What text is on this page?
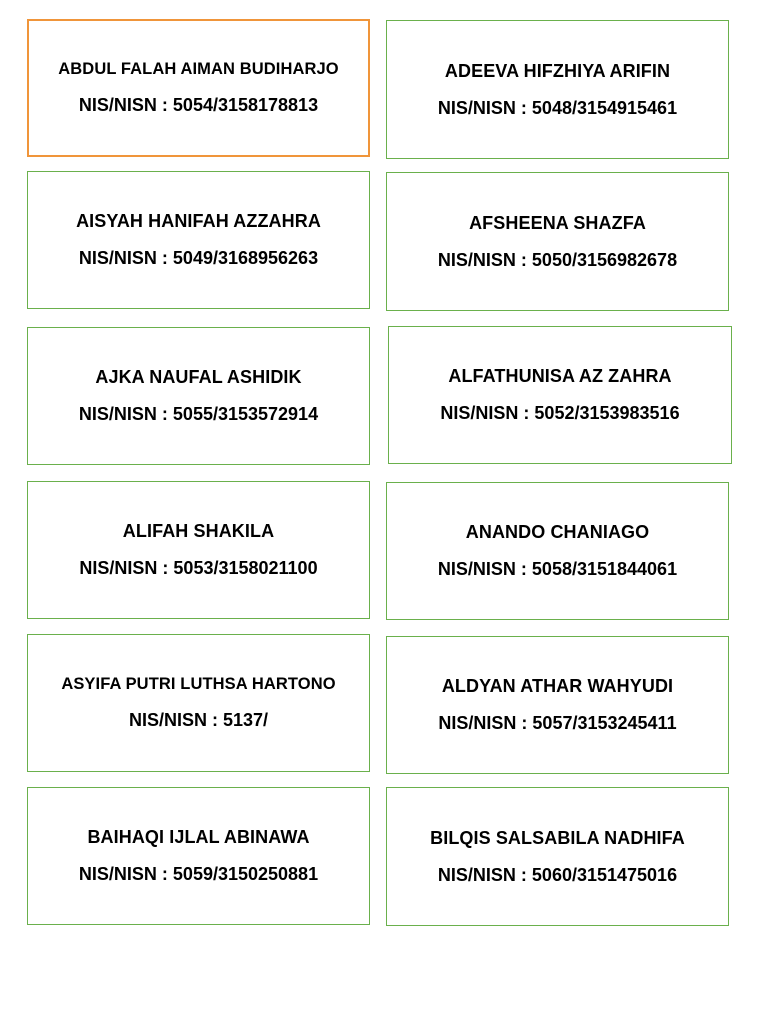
ABDUL FALAH AIMAN BUDIHARJO
NIS/NISN : 5054/3158178813
ADEEVA HIFZHIYA ARIFIN
NIS/NISN : 5048/3154915461
AISYAH HANIFAH AZZAHRA
NIS/NISN : 5049/3168956263
AFSHEENA SHAZFA
NIS/NISN : 5050/3156982678
AJKA NAUFAL ASHIDIK
NIS/NISN : 5055/3153572914
ALFATHUNISA AZ ZAHRA
NIS/NISN : 5052/3153983516
ALIFAH SHAKILA
NIS/NISN : 5053/3158021100
ANANDO CHANIAGO
NIS/NISN : 5058/3151844061
ASYIFA PUTRI LUTHSA HARTONO
NIS/NISN : 5137/
ALDYAN ATHAR WAHYUDI
NIS/NISN : 5057/3153245411
BAIHAQI IJLAL ABINAWA
NIS/NISN : 5059/3150250881
BILQIS SALSABILA NADHIFA
NIS/NISN : 5060/3151475016
